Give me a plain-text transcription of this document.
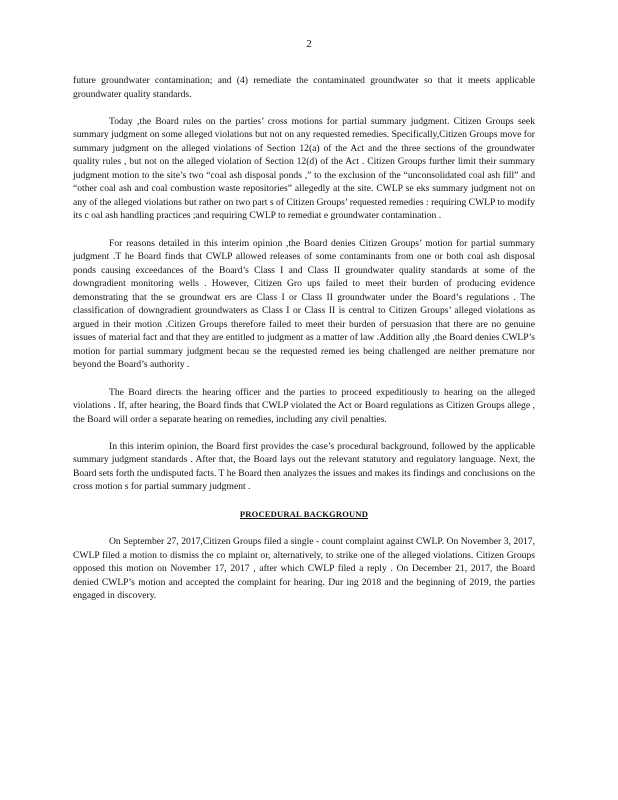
2

future groundwater contamination; and (4) remediate the contaminated groundwater so that it meets applicable groundwater quality standards.

Today ,the Board rules on the parties’ cross motions for partial summary judgment. Citizen Groups seek summary judgment on some alleged violations but not on any requested remedies. Specifically,Citizen Groups move for summary judgment on the alleged violations of Section 12(a) of the Act and the three sections of the groundwater quality rules , but not on the alleged violation of Section 12(d) of the Act . Citizen Groups further limit their summary judgment motion to the site’s two “coal ash disposal ponds ,” to the exclusion of the “unconsolidated coal ash fill” and “other coal ash and coal combustion waste repositories” allegedly at the site. CWLP se eks summary judgment not on any of the alleged violations but rather on two part s of Citizen Groups’ requested remedies : requiring CWLP to modify its c oal ash handling practices ;and requiring CWLP to remediat e groundwater contamination .

For reasons detailed in this interim opinion ,the Board denies Citizen Groups’ motion for partial summary judgment .T he Board finds that CWLP allowed releases of some contaminants from one or both coal ash disposal ponds causing exceedances of the Board’s Class I and Class II groundwater quality standards at some of the downgradient monitoring wells . However, Citizen Gro ups failed to meet their burden of producing evidence demonstrating that the se groundwat ers are Class I or Class II groundwater under the Board’s regulations . The classification of downgradient groundwaters as Class I or Class II is central to Citizen Groups’ alleged violations as argued in their motion .Citizen Groups therefore failed to meet their burden of persuasion that there are no genuine issues of material fact and that they are entitled to judgment as a matter of law .Addition ally ,the Board denies CWLP’s motion for partial summary judgment becau se the requested remed ies being challenged are neither premature nor beyond the Board’s authority .

The Board directs the hearing officer and the parties to proceed expeditiously to hearing on the alleged violations . If, after hearing, the Board finds that CWLP violated the Act or Board regulations as Citizen Groups allege , the Board will order a separate hearing on remedies, including any civil penalties.

In this interim opinion, the Board first provides the case’s procedural background, followed by the applicable summary judgment standards . After that, the Board lays out the relevant statutory and regulatory language. Next, the Board sets forth the undisputed facts. T he Board then analyzes the issues and makes its findings and conclusions on the cross motion s for partial summary judgment .

PROCEDURAL BACKGROUND

On September 27, 2017,Citizen Groups filed a single - count complaint against CWLP. On November 3, 2017, CWLP filed a motion to dismiss the co mplaint or, alternatively, to strike one of the alleged violations. Citizen Groups opposed this motion on November 17, 2017 , after which CWLP filed a reply . On December 21, 2017, the Board denied CWLP’s motion and accepted the complaint for hearing. Dur ing 2018 and the beginning of 2019, the parties engaged in discovery.
